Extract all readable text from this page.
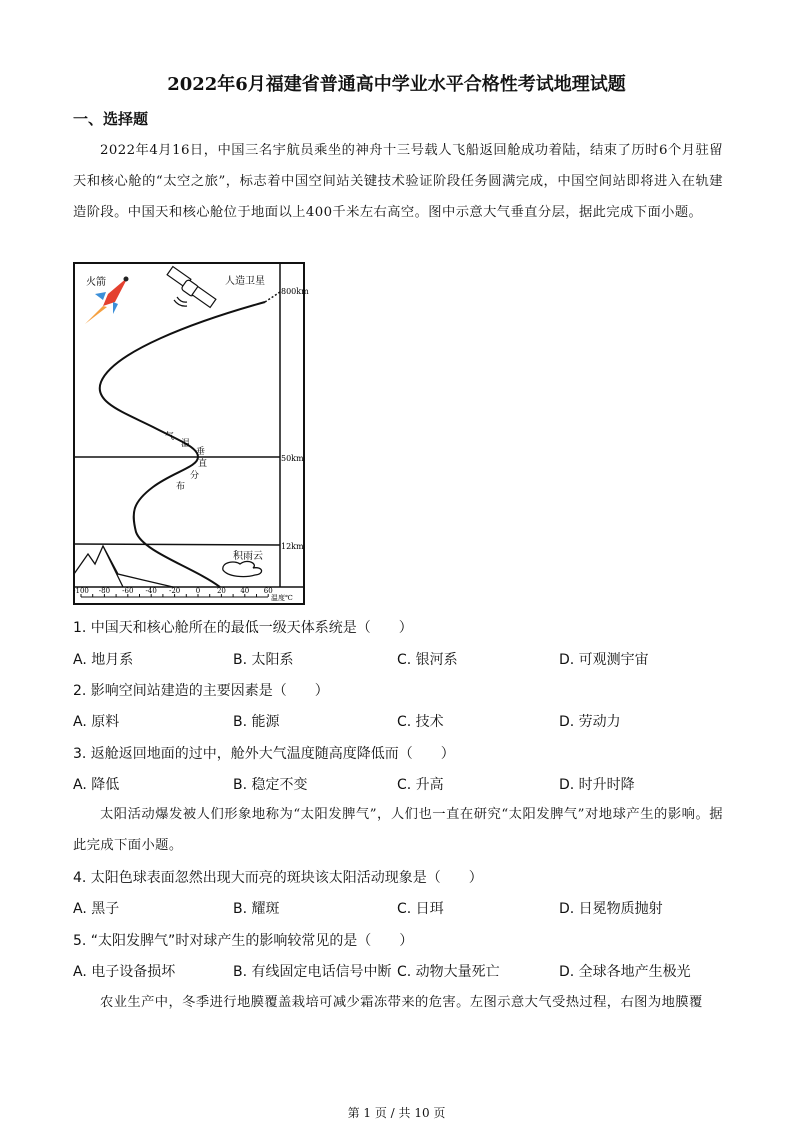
2022年6月福建省普通高中学业水平合格性考试地理试题
一、选择题
2022年4月16日，中国三名宇航员乘坐的神舟十三号载人飞船返回舱成功着陆，结束了历时6个月驻留天和核心舱的“太空之旅”，标志着中国空间站关键技术验证阶段任务圆满完成，中国空间站即将进入在轨建造阶段。中国天和核心舱位于地面以上400千米左右高空。图中示意大气垂直分层，据此完成下面小题。
火箭	人造卫星
800km
50km
12km
积雨云
气
温
垂
直
分
布
-100 -80 -60 -40 -20 0 20 40 60
温度℃
1. 中国天和核心舱所在的最低一级天体系统是（　　）
A. 地月系	B. 太阳系	C. 银河系	D. 可观测宇宙
2. 影响空间站建造的主要因素是（　　）
A. 原料	B. 能源	C. 技术	D. 劳动力
3. 返舱返回地面的过中，舱外大气温度随高度降低而（　　）
A. 降低	B. 稳定不变	C. 升高	D. 时升时降
4. 太阳色球表面忽然出现大而亮的斑块该太阳活动现象是（　　）
A. 黑子	B. 耀斑	C. 日珥	D. 日冕物质抛射
5. “太阳发脾气”时对球产生的影响较常见的是（　　）
A. 电子设备损坏	B. 有线固定电话信号中断 C. 动物大量死亡	D. 全球各地产生极光
太阳活动爆发被人们形象地称为“太阳发脾气”，人们也一直在研究“太阳发脾气”对地球产生的影响。据此完成下面小题。
农业生产中，冬季进行地膜覆盖栽培可减少霜冻带来的危害。左图示意大气受热过程，右图为地膜覆
第 1 页 / 共 10 页
